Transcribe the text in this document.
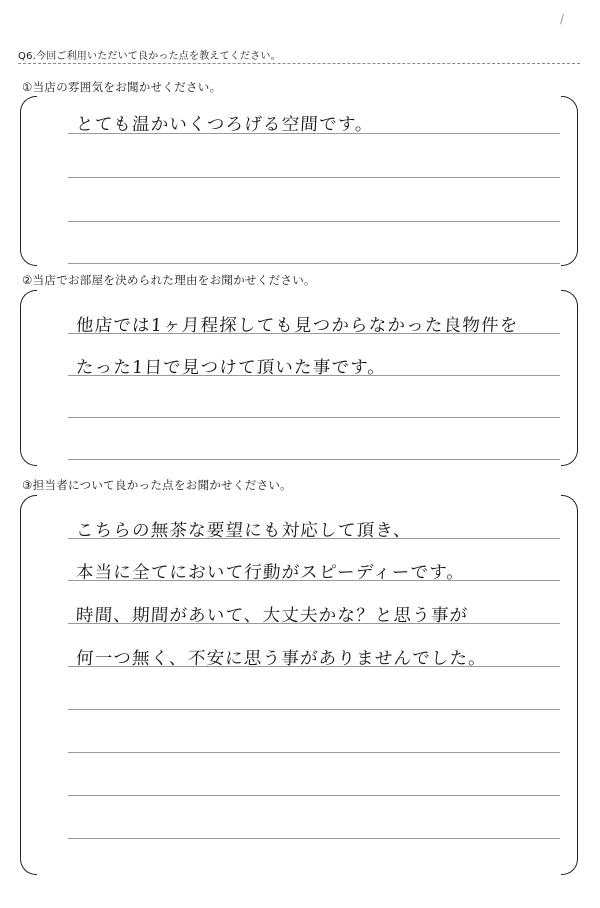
/
Q6.今回ご利用いただいて良かった点を教えてください。
①当店の雰囲気をお聞かせください。
とても温かいくつろげる空間です。
②当店でお部屋を決められた理由をお聞かせください。
他店では1ヶ月程探しても見つからなかった良物件を
たった1日で見つけて頂いた事です。
③担当者について良かった点をお聞かせください。
こちらの無茶な要望にも対応して頂き、
本当に全てにおいて行動がスピーディーです。
時間、期間があいて、大丈夫かな？と思う事が
何一つ無く、不安に思う事がありませんでした。
